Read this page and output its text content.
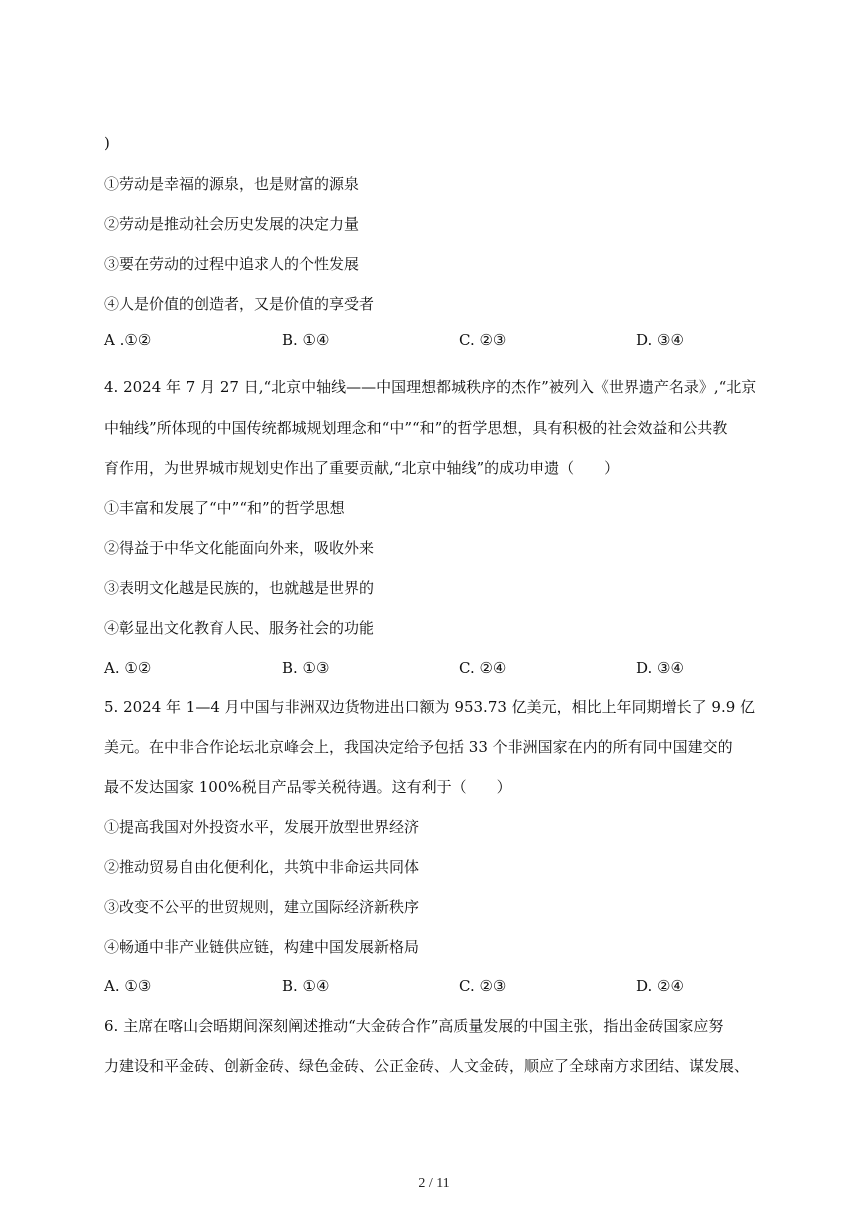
)
①劳动是幸福的源泉，也是财富的源泉
②劳动是推动社会历史发展的决定力量
③要在劳动的过程中追求人的个性发展
④人是价值的创造者，又是价值的享受者
A .①②	B. ①④	C. ②③	D. ③④
4. 2024 年 7 月 27 日,“北京中轴线——中国理想都城秩序的杰作”被列入《世界遗产名录》,“北京
中轴线”所体现的中国传统都城规划理念和“中”“和”的哲学思想，具有积极的社会效益和公共教
育作用，为世界城市规划史作出了重要贡献,“北京中轴线”的成功申遗（　　）
①丰富和发展了“中”“和”的哲学思想
②得益于中华文化能面向外来，吸收外来
③表明文化越是民族的，也就越是世界的
④彰显出文化教育人民、服务社会的功能
A. ①②	B. ①③	C. ②④	D. ③④
5. 2024 年 1—4 月中国与非洲双边货物进出口额为 953.73 亿美元，相比上年同期增长了 9.9 亿
美元。在中非合作论坛北京峰会上，我国决定给予包括 33 个非洲国家在内的所有同中国建交的
最不发达国家 100%税目产品零关税待遇。这有利于（　　）
①提高我国对外投资水平，发展开放型世界经济
②推动贸易自由化便利化，共筑中非命运共同体
③改变不公平的世贸规则，建立国际经济新秩序
④畅通中非产业链供应链，构建中国发展新格局
A. ①③	B. ①④	C. ②③	D. ②④
6. 主席在喀山会晤期间深刻阐述推动“大金砖合作”高质量发展的中国主张，指出金砖国家应努
力建设和平金砖、创新金砖、绿色金砖、公正金砖、人文金砖，顺应了全球南方求团结、谋发展、
2 / 11
